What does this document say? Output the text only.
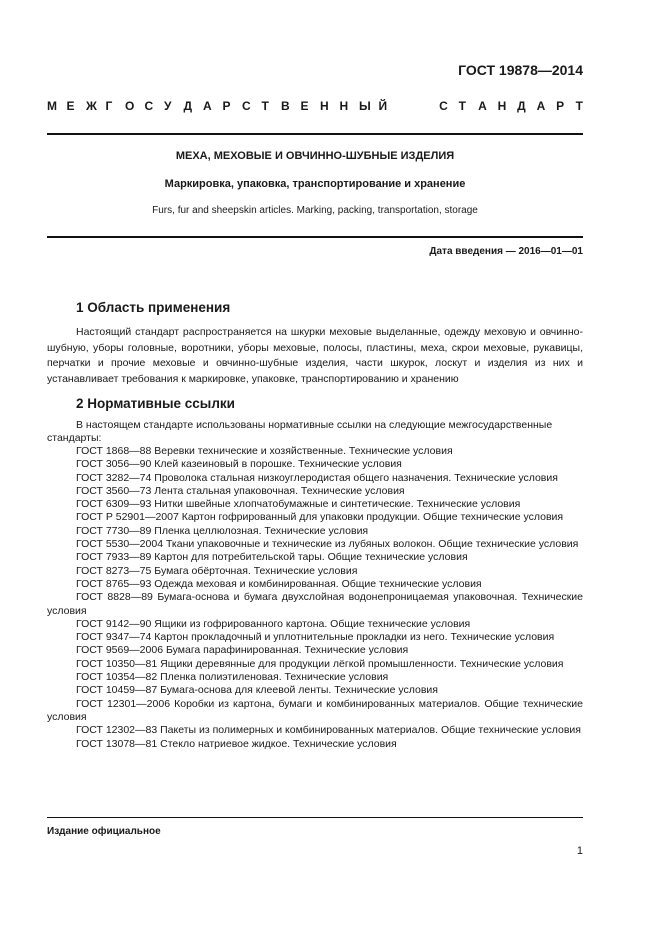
ГОСТ 19878—2014
М Е Ж Г	О С У	Д А Р С Т	В Е Н Н Ы Й	С Т	А Н Д А Р Т
МЕХА, МЕХОВЫЕ И ОВЧИННО-ШУБНЫЕ ИЗДЕЛИЯ
Маркировка, упаковка, транспортирование и хранение
Furs, fur and sheepskin articles. Marking, packing, transportation, storage
Дата введения — 2016—01—01
1 Область применения

Настоящий стандарт распространяется на шкурки меховые выделанные, одежду меховую и овчинно-шубную, уборы головные, воротники, уборы меховые, полосы, пластины, меха, скрои меховые, рукавицы, перчатки и прочие меховые и овчинно-шубные изделия, части шкурок, лоскут и изделия из них и устанавливает требования к маркировке, упаковке, транспортированию и хранению

2 Нормативные ссылки

В настоящем стандарте использованы нормативные ссылки на следующие межгосударственные стандарты:

ГОСТ 1868—88 Веревки технические и хозяйственные. Технические условия
ГОСТ 3056—90 Клей казеиновый в порошке. Технические условия
ГОСТ 3282—74 Проволока стальная низкоуглеродистая общего назначения. Технические условия
ГОСТ 3560—73 Лента стальная упаковочная. Технические условия
ГОСТ 6309—93 Нитки швейные хлопчатобумажные и синтетические. Технические условия
ГОСТ Р 52901—2007 Картон гофрированный для упаковки продукции. Общие технические условия
ГОСТ 7730—89 Пленка целлюлозная. Технические условия
ГОСТ 5530—2004 Ткани упаковочные и технические из лубяных волокон. Общие технические условия
ГОСТ 7933—89 Картон для потребительской тары. Общие технические условия
ГОСТ 8273—75 Бумага обёрточная. Технические условия
ГОСТ 8765—93 Одежда меховая и комбинированная. Общие технические условия
ГОСТ 8828—89 Бумага-основа и бумага двухслойная водонепроницаемая упаковочная. Технические условия
ГОСТ 9142—90 Ящики из гофрированного картона. Общие технические условия
ГОСТ 9347—74 Картон прокладочный и уплотнительные прокладки из него. Технические условия
ГОСТ 9569—2006 Бумага парафинированная. Технические условия
ГОСТ 10350—81 Ящики деревянные для продукции лёгкой промышленности. Технические условия
ГОСТ 10354—82 Пленка полиэтиленовая. Технические условия
ГОСТ 10459—87 Бумага-основа для клеевой ленты. Технические условия
ГОСТ 12301—2006 Коробки из картона, бумаги и комбинированных материалов. Общие технические условия
ГОСТ 12302—83 Пакеты из полимерных и комбинированных материалов. Общие технические условия
ГОСТ 13078—81 Стекло натриевое жидкое. Технические условия
Издание официальное
1
